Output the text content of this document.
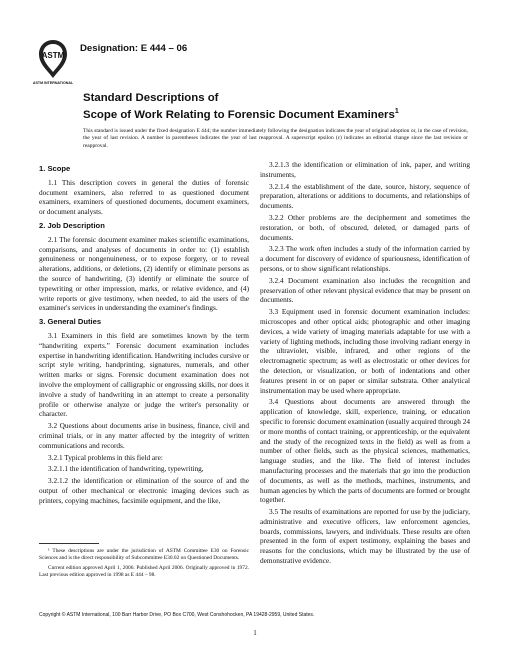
ASTM
ASTM INTERNATIONAL
Designation: E 444 – 06
Standard Descriptions of
Scope of Work Relating to Forensic Document Examiners$^1$
This standard is issued under the fixed designation E 444; the number immediately following the designation indicates the year of original adoption or, in the case of revision, the year of last revision. A number in parentheses indicates the year of last reapproval. A superscript epsilon (ε) indicates an editorial change since the last revision or reapproval.
1. Scope

1.1 This description covers in general the duties of forensic document examiners, also referred to as questioned document examiners, examiners of questioned documents, document examiners, or document analysts.

2. Job Description

2.1 The forensic document examiner makes scientific examinations, comparisons, and analyses of documents in order to: (1) establish genuineness or nongenuineness, or to expose forgery, or to reveal alterations, additions, or deletions, (2) identify or eliminate persons as the source of handwriting, (3) identify or eliminate the source of typewriting or other impression, marks, or relative evidence, and (4) write reports or give testimony, when needed, to aid the users of the examiner's services in understanding the examiner's findings.

3. General Duties

3.1 Examiners in this field are sometimes known by the term “handwriting experts.” Forensic document examination includes expertise in handwriting identification. Handwriting includes cursive or script style writing, handprinting, signatures, numerals, and other written marks or signs. Forensic document examination does not involve the employment of calligraphic or engrossing skills, nor does it involve a study of handwriting in an attempt to create a personality profile or otherwise analyze or judge the writer's personality or character.

3.2 Questions about documents arise in business, finance, civil and criminal trials, or in any matter affected by the integrity of written communications and records.

3.2.1 Typical problems in this field are:

3.2.1.1 the identification of handwriting, typewriting,

3.2.1.2 the identification or elimination of the source of and the output of other mechanical or electronic imaging devices such as printers, copying machines, facsimile equipment, and the like,

3.2.1.3 the identification or elimination of ink, paper, and writing instruments,

3.2.1.4 the establishment of the date, source, history, sequence of preparation, alterations or additions to documents, and relationships of documents.

3.2.2 Other problems are the decipherment and sometimes the restoration, or both, of obscured, deleted, or damaged parts of documents.

3.2.3 The work often includes a study of the information carried by a document for discovery of evidence of spuriousness, identification of persons, or to show significant relationships.

3.2.4 Document examination also includes the recognition and preservation of other relevant physical evidence that may be present on documents.

3.3 Equipment used in forensic document examination includes: microscopes and other optical aids; photographic and other imaging devices, a wide variety of imaging materials adaptable for use with a variety of lighting methods, including those involving radiant energy in the ultraviolet, visible, infrared, and other regions of the electromagnetic spectrum; as well as electrostatic or other devices for the detection, or visualization, or both of indentations and other features present in or on paper or similar substrata. Other analytical instrumentation may be used where appropriate.

3.4 Questions about documents are answered through the application of knowledge, skill, experience, training, or education specific to forensic document examination (usually acquired through 24 or more months of contact training, or apprenticeship, or the equivalent and the study of the recognized texts in the field) as well as from a number of other fields, such as the physical sciences, mathematics, language studies, and the like. The field of interest includes manufacturing processes and the materials that go into the production of documents, as well as the methods, machines, instruments, and human agencies by which the parts of documents are formed or brought together.

3.5 The results of examinations are reported for use by the judiciary, administrative and executive officers, law enforcement agencies, boards, commissions, lawyers, and individuals. These results are often presented in the form of expert testimony, explaining the bases and reasons for the conclusions, which may be illustrated by the use of demonstrative evidence.

¹ These descriptions are under the jurisdiction of ASTM Committee E30 on Forensic Sciences and is the direct responsibility of Subcommittee E30.02 on Questioned Documents.

Current edition approved April 1, 2006. Published April 2006. Originally approved in 1972. Last previous edition approved in 1998 as E 444 – 98.

Copyright © ASTM International, 100 Barr Harbor Drive, PO Box C700, West Conshohocken, PA 19428-2959, United States.
1
